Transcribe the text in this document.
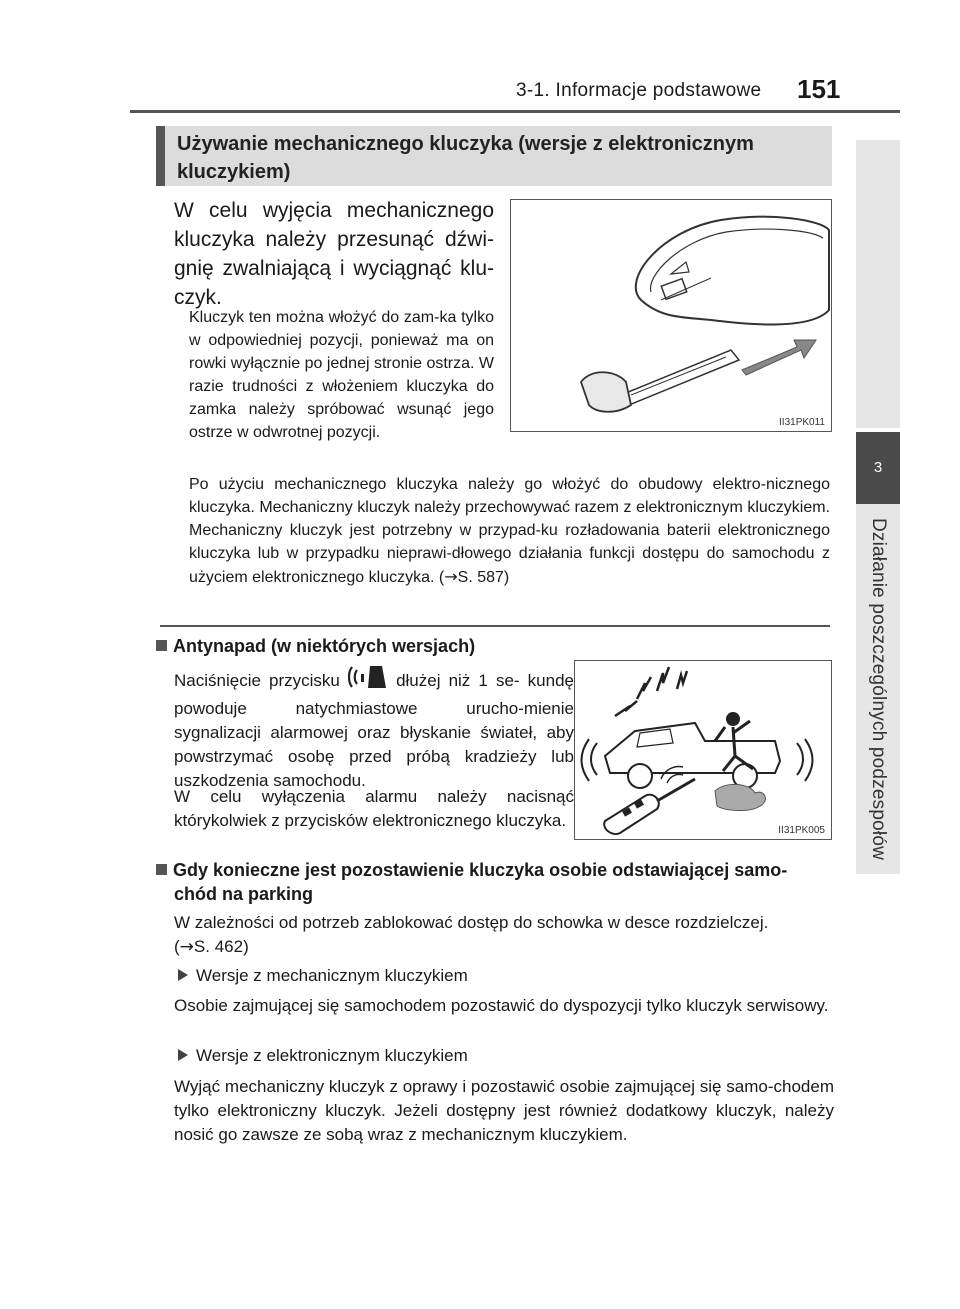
3-1. Informacje podstawowe 151
3
Działanie poszczególnych podzespołów
Używanie mechanicznego kluczyka (wersje z elektronicznym
kluczykiem)
W celu wyjęcia mechanicznego kluczyka należy przesunąć dźwi-gnię zwalniającą i wyciągnąć klu-czyk.
Kluczyk ten można włożyć do zam-ka tylko w odpowiedniej pozycji, ponieważ ma on rowki wyłącznie po jednej stronie ostrza. W razie trudności z włożeniem kluczyka do zamka należy spróbować wsunąć jego ostrze w odwrotnej pozycji.
II31PK011
Po użyciu mechanicznego kluczyka należy go włożyć do obudowy elektro-nicznego kluczyka. Mechaniczny kluczyk należy przechowywać razem z elektronicznym kluczykiem. Mechaniczny kluczyk jest potrzebny w przypad-ku rozładowania baterii elektronicznego kluczyka lub w przypadku nieprawi-dłowego działania funkcji dostępu do samochodu z użyciem elektronicznego kluczyka. (→S. 587)
Antynapad (w niektórych wersjach)
Naciśnięcie przycisku	dłużej niż 1 se- kundę powoduje natychmiastowe urucho-mienie sygnalizacji alarmowej oraz błyskanie świateł, aby powstrzymać osobę przed próbą kradzieży lub uszkodzenia samochodu.
W celu wyłączenia alarmu należy nacisnąć którykolwiek z przycisków elektronicznego kluczyka.
II31PK005
Gdy konieczne jest pozostawienie kluczyka osobie odstawiającej samo-
chód na parking
W zależności od potrzeb zablokować dostęp do schowka w desce rozdzielczej.
(→S. 462)
Wersje z mechanicznym kluczykiem
Osobie zajmującej się samochodem pozostawić do dyspozycji tylko kluczyk serwisowy.
Wersje z elektronicznym kluczykiem
Wyjąć mechaniczny kluczyk z oprawy i pozostawić osobie zajmującej się samo-chodem tylko elektroniczny kluczyk. Jeżeli dostępny jest również dodatkowy kluczyk, należy nosić go zawsze ze sobą wraz z mechanicznym kluczykiem.
